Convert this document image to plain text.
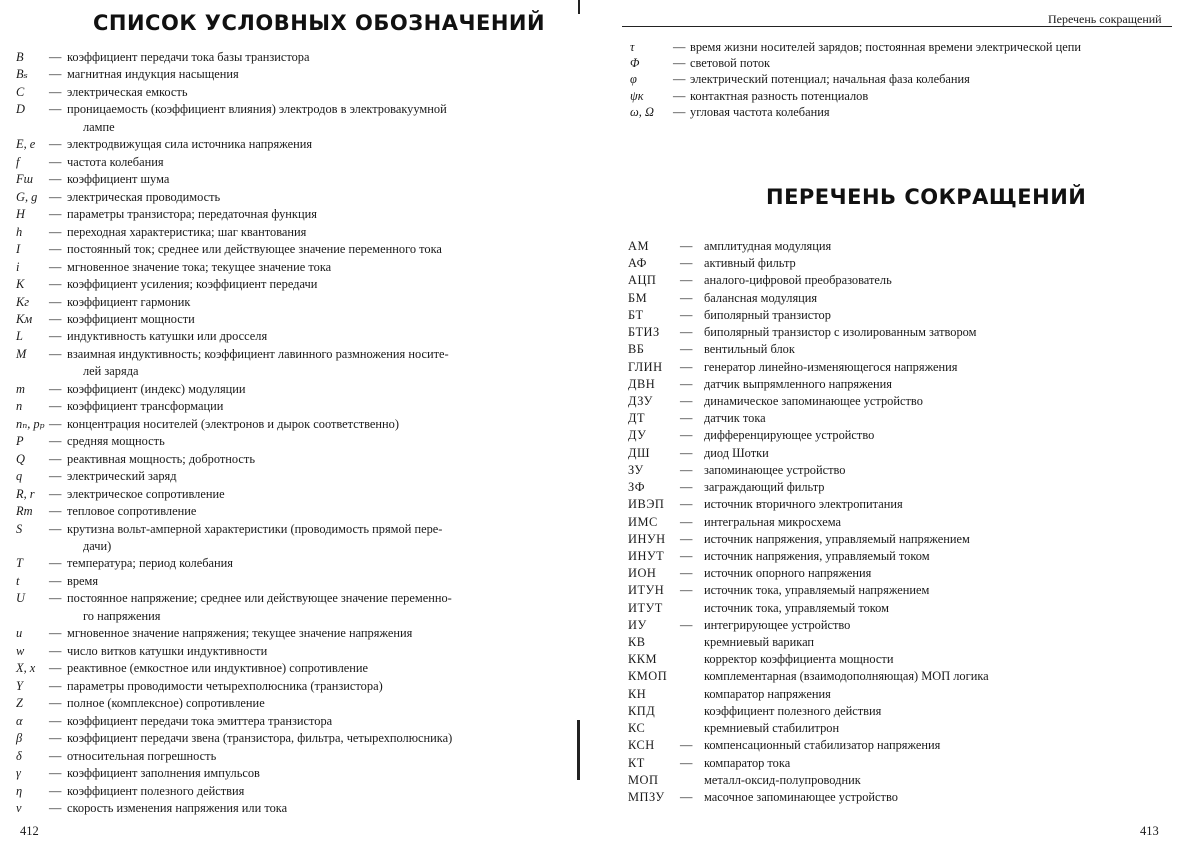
СПИСОК УСЛОВНЫХ ОБОЗНАЧЕНИЙ
B — коэффициент передачи тока базы транзистора
Bₛ — магнитная индукция насыщения
C — электрическая емкость
D — проницаемость (коэффициент влияния) электродов в электровакуумной
лампе
E, e — электродвижущая сила источника напряжения
f — частота колебания
Fш — коэффициент шума
G, g — электрическая проводимость
H — параметры транзистора; передаточная функция
h — переходная характеристика; шаг квантования
I — постоянный ток; среднее или действующее значение переменного тока
i — мгновенное значение тока; текущее значение тока
K — коэффициент усиления; коэффициент передачи
Kг — коэффициент гармоник
Kм — коэффициент мощности
L — индуктивность катушки или дросселя
M — взаимная индуктивность; коэффициент лавинного размножения носите-
лей заряда
m — коэффициент (индекс) модуляции
n — коэффициент трансформации
nₙ, pₚ — концентрация носителей (электронов и дырок соответственно)
P — средняя мощность
Q — реактивная мощность; добротность
q — электрический заряд
R, r — электрическое сопротивление
Rт — тепловое сопротивление
S — крутизна вольт-амперной характеристики (проводимость прямой пере-
дачи)
T — температура; период колебания
t — время
U — постоянное напряжение; среднее или действующее значение переменно-
го напряжения
u — мгновенное значение напряжения; текущее значение напряжения
w — число витков катушки индуктивности
X, x — реактивное (емкостное или индуктивное) сопротивление
Y — параметры проводимости четырехполюсника (транзистора)
Z — полное (комплексное) сопротивление
α — коэффициент передачи тока эмиттера транзистора
β — коэффициент передачи звена (транзистора, фильтра, четырехполюсника)
δ — относительная погрешность
γ — коэффициент заполнения импульсов
η — коэффициент полезного действия
v — скорость изменения напряжения или тока
412
Перечень сокращений
τ	— время жизни носителей зарядов; постоянная времени электрической цепи
Φ	— световой поток
φ	— электрический потенциал; начальная фаза колебания
ψк — контактная разность потенциалов
ω, Ω — угловая частота колебания
ПЕРЕЧЕНЬ СОКРАЩЕНИЙ
АМ	— амплитудная модуляция
АФ	— активный фильтр
АЦП — аналого-цифровой преобразователь
БМ	— баланcная модуляция
БТ	— биполярный транзистор
БТИЗ — биполярный транзистор с изолированным затвором
ВБ	— вентильный блок
ГЛИН — генератор линейно-изменяющегося напряжения
ДВН — датчик выпрямленного напряжения
ДЗУ — динамическое запоминающее устройство
ДТ	— датчик тока
ДУ	— дифференцирующее устройство
ДШ — диод Шотки
ЗУ	— запоминающее устройство
ЗФ	— заграждающий фильтр
ИВЭП — источник вторичного электропитания
ИМС — интегральная микросхема
ИНУН — источник напряжения, управляемый напряжением
ИНУТ — источник напряжения, управляемый током
ИОН — источник опорного напряжения
ИТУН — источник тока, управляемый напряжением
ИТУТ	источник тока, управляемый током
ИУ	— интегрирующее устройство
КВ	кремниевый варикап
ККМ	корректор коэффициента мощности
КМОП	комплементарная (взаимодополняющая) МОП логика
КН	компаратор напряжения
КПД	коэффициент полезного действия
КС	кремниевый стабилитрон
КСН — компенсационный стабилизатор напряжения
КТ	— компаратор тока
МОП	металл-оксид-полупроводник
МПЗУ — масочное запоминающее устройство
413
